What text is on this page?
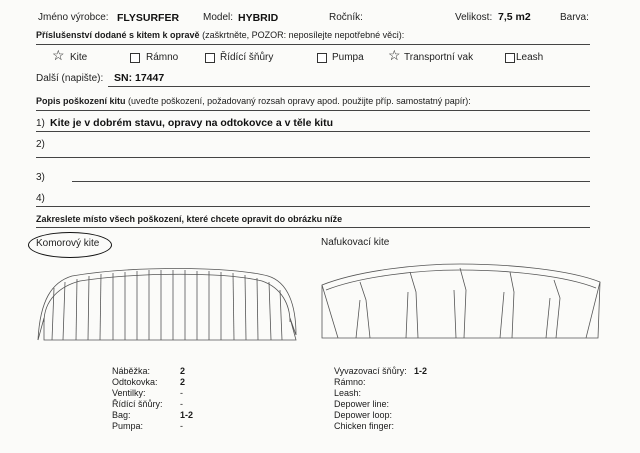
Jméno výrobce: FLYSURFER Model: HYBRID	Ročník:	Velikost: 7,5 m2	Barva:
Příslušenství dodané s kitem k opravě (zaškrtněte, POZOR: neposílejte nepotřebné věci):
☆ Kite	Rámno	Řídící šňůry	Pumpa ☆ Transportní vak	Leash
Další (napište): SN: 17447
Popis poškození kitu (uveďte poškození, požadovaný rozsah opravy apod. použijte příp. samostatný papír):
1) Kite je v dobrém stavu, opravy na odtokovce a v těle kitu
2)
3)
4)
Zakreslete místo všech poškození, které chcete opravit do obrázku níže
Komorový kite	Nafukovací kite
Náběžka:	2
Odtokovka: 2
Ventilky:	-
Řídící šňůry: -
Bag:	1-2
Pumpa:	-
Vyvazovací šňůry: 1-2
Rámno:
Leash:
Depower line:
Depower loop:
Chicken finger:
